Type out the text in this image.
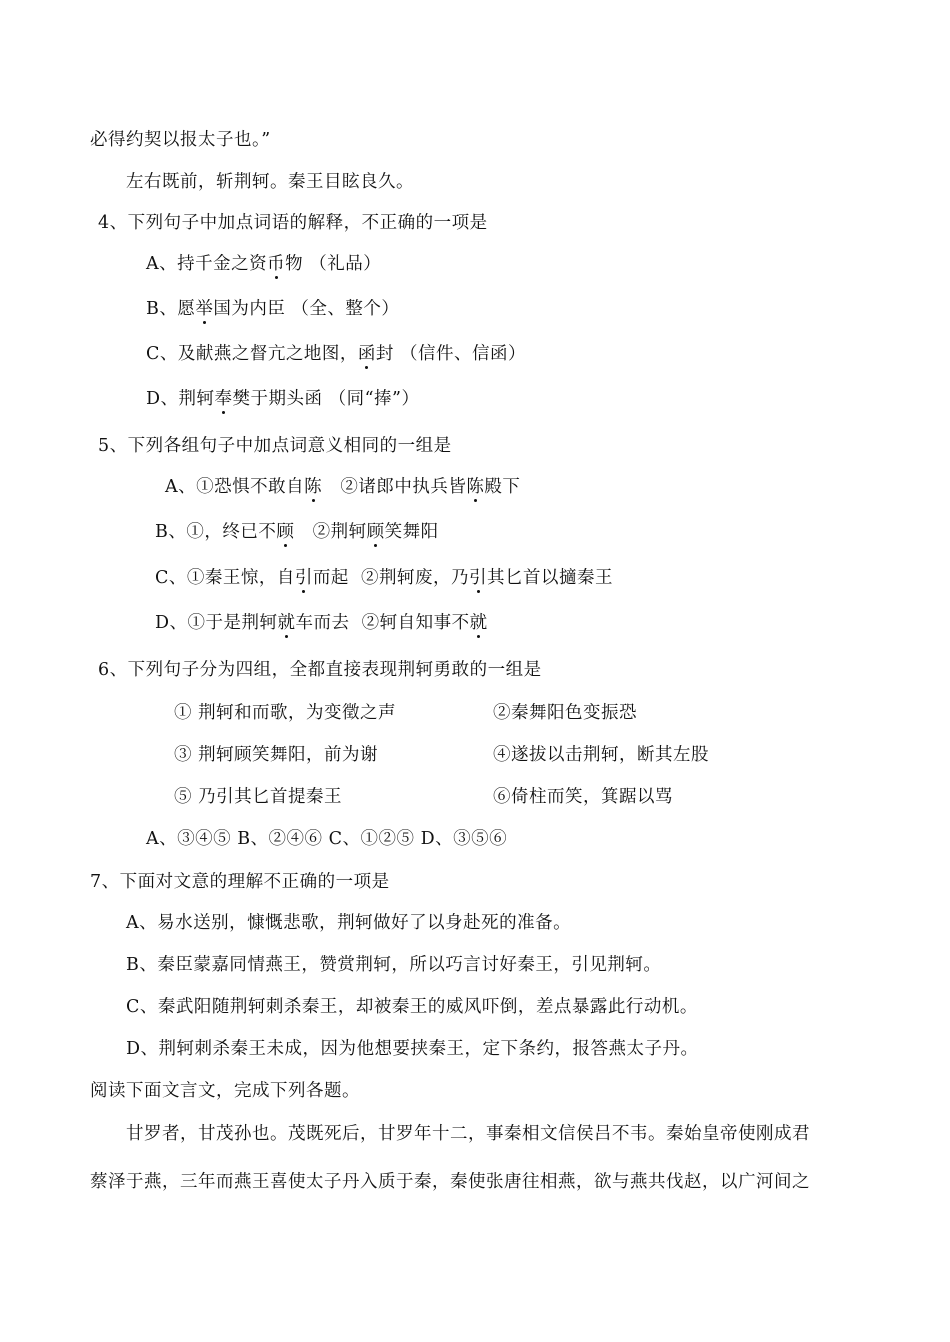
必得约契以报太子也。”
左右既前，斩荆轲。秦王目眩良久。
4、下列句子中加点词语的解释，不正确的一项是
A、持千金之资币物 （礼品）
B、愿举国为内臣 （全、整个）
C、及献燕之督亢之地图，函封 （信件、信函）
D、荆轲奉樊于期头函 （同“捧”）
5、下列各组句子中加点词意义相同的一组是
A、①恐惧不敢自陈   ②诸郎中执兵皆陈殿下
B、①，终已不顾   ②荆轲顾笑舞阳
C、①秦王惊，自引而起  ②荆轲废，乃引其匕首以擿秦王
D、①于是荆轲就车而去  ②轲自知事不就
6、下列句子分为四组，全都直接表现荆轲勇敢的一组是
① 荆轲和而歌，为变徵之声	②秦舞阳色变振恐
③ 荆轲顾笑舞阳，前为谢	④遂拔以击荆轲，断其左股
⑤ 乃引其匕首提秦王	⑥倚柱而笑，箕踞以骂
A、③④⑤ B、②④⑥ C、①②⑤ D、③⑤⑥
7、下面对文意的理解不正确的一项是
A、易水送别，慷慨悲歌，荆轲做好了以身赴死的准备。
B、秦臣蒙嘉同情燕王，赞赏荆轲，所以巧言讨好秦王，引见荆轲。
C、秦武阳随荆轲刺杀秦王，却被秦王的威风吓倒，差点暴露此行动机。
D、荆轲刺杀秦王未成，因为他想要挟秦王，定下条约，报答燕太子丹。
阅读下面文言文，完成下列各题。
甘罗者，甘茂孙也。茂既死后，甘罗年十二，事秦相文信侯吕不韦。秦始皇帝使刚成君
蔡泽于燕，三年而燕王喜使太子丹入质于秦，秦使张唐往相燕，欲与燕共伐赵，以广河间之
